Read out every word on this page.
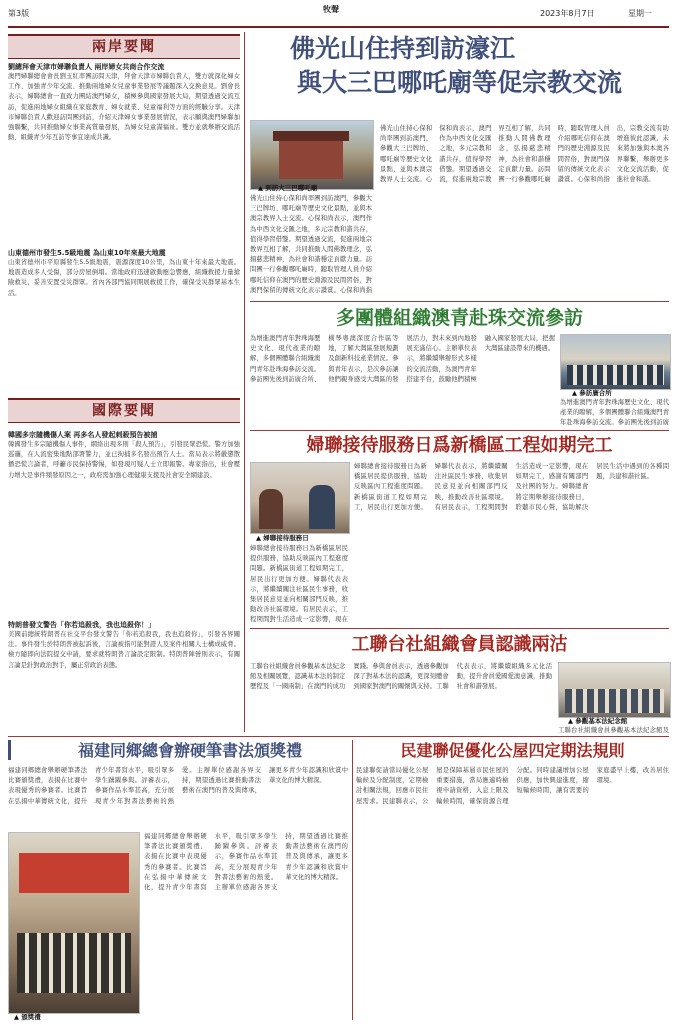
第3版	牧聲	2023年8月7日	星期一
兩岸要聞
劉總拜會天津市婦聯負責人 兩岸婦女共商合作交流
澳門婦聯總會會長劉玉紅率團訪問天津，拜會天津市婦聯負責人，雙方就深化婦女工作、加強青少年交流、推動兩地婦女兒童事業發展等議題深入交換意見。劉會長表示，婦聯總會一直致力團結澳門婦女，積極參與國家發展大局，期望透過交流互訪，促進兩地婦女組織在家庭教育、婦女就業、兒童福利等方面的經驗分享。天津市婦聯負責人歡迎訪問團到訪，介紹天津婦女事業發展情況，表示願與澳門婦聯加強聯繫，共同推動婦女事業高質量發展，為婦女兒童謀福祉。雙方並就舉辦交流活動、組織青少年互訪等事宜達成共識。
山東德州市發生5.5級地震 為山東10年來最大地震
山東省德州市平原縣發生5.5級地震，震源深度10公里，為山東十年來最大地震。地震造成多人受傷，部分房屋倒塌。當地政府迅速啟動應急響應，組織救援力量搶險救災，妥善安置受災群眾。省內各部門協同開展救援工作，確保受災群眾基本生活。
國際要聞
韓國多宗隨機傷人案 再多名人發起刺殺預告被捕
韓國發生多宗隨機傷人事件，網絡出現多則「殺人預告」，引發民眾恐慌。警方加強巡邏，在人流密集地點部署警力，並已拘捕多名發出預告人士。當局表示將嚴懲散播恐慌言論者，呼籲市民保持警惕，如發現可疑人士立即報警。專家指出，社會壓力增大是事件頻發原因之一，政府需加強心理健康支援及社會安全網建設。
特朗普發文警告「你若追殺我，我也追殺你！」
美國前總統特朗普在社交平台發文警告「你若追殺我，我也追殺你」，引發各界關注。事件發生於特朗普被起訴後，言論被指可能對證人及案件相關人士構成威脅。檢方隨即向法院提交申請，要求就特朗普言論設定限制。特朗普陣營則表示，有關言論是針對政治對手，屬正常政治表態。
佛光山住持到訪濠江
與大三巴哪吒廟等促宗教交流
▲ 到訪大三巴哪吒廟
佛光山住持心保和尚率團到訪澳門，參觀大三巴牌坊、哪吒廟等歷史文化景點，並與本澳宗教界人士交流。心保和尚表示，澳門作為中西文化交匯之地，多元宗教和諧共存，值得學習借鑒。期望透過交流，促進兩地宗教界互相了解，共同推動人間佛教理念，弘揚慈悲精神，為社會和諧穩定貢獻力量。訪問團一行參觀哪吒廟時，聽取管理人員介紹哪吒信仰在澳門的歷史淵源及民間習俗，對澳門保留的傳統文化表示讚賞。心保和尚指
佛光山住持心保和尚率團到訪澳門，參觀大三巴牌坊、哪吒廟等歷史文化景點，並與本澳宗教界人士交流。心保和尚表示，澳門作為中西文化交匯之地，多元宗教和諧共存，值得學習借鑒。期望透過交流，促進兩地宗教界互相了解，共同推動人間佛教理念，弘揚慈悲精神，為社會和諧穩定貢獻力量。訪問團一行參觀哪吒廟時，聽取管理人員介紹哪吒信仰在澳門的歷史淵源及民間習俗，對澳門保留的傳統文化表示讚賞。心保和尚指出，宗教交流有助增進彼此認識，未來將加強與本澳各界聯繫，舉辦更多文化交流活動，促進社會和諧。
多團體組織澳青赴珠交流參訪
為增進澳門青年對珠海歷史文化、現代產業的瞭解，多個團體聯合組織澳門青年赴珠海參訪交流。參訪團先後到訪廣合所、橫琴粵澳深度合作區等地，了解大灣區發展規劃及創新科技產業情況。參與青年表示，是次參訪讓他們親身感受大灣區的發展活力，對未來到內地發展充滿信心。主辦單位表示，將繼續舉辦形式多樣的交流活動，為澳門青年搭建平台，鼓勵他們積極融入國家發展大局，把握大灣區建設帶來的機遇。
▲ 參訪廣合所
為增進澳門青年對珠海歷史文化、現代產業的瞭解，多個團體聯合組織澳門青年赴珠海參訪交流。參訪團先後到訪廣
婦聯接待服務日爲新橋區工程如期完工
▲ 婦聯接待服務日
婦聯總會接待服務日為新橋區居民提供服務，協助反映區內工程進度問題。新橋區街道工程如期完工，居民出行更加方便。婦聯代表表示，將繼續關注社區民生事務，收集居民意見並向相關部門反映，推動改善社區環境。有居民表示，工程期間對生活造成一定影響，現在
婦聯總會接待服務日為新橋區居民提供服務，協助反映區內工程進度問題。新橋區街道工程如期完工，居民出行更加方便。婦聯代表表示，將繼續關注社區民生事務，收集居民意見並向相關部門反映，推動改善社區環境。有居民表示，工程期間對生活造成一定影響，現在如期完工，感謝有關部門及社團的努力。婦聯總會將定期舉辦接待服務日，聆聽市民心聲，協助解決居民生活中遇到的各種問題，共建和諧社區。
工聯台社組織會員認識兩沽
工聯台社組織會員參觀基本法紀念館及相關展覽，認識基本法的制定歷程及「一國兩制」在澳門的成功實踐。參與會員表示，透過參觀加深了對基本法的認識，更深刻體會到國家對澳門的關懷與支持。工聯代表表示，將繼續組織多元化活動，提升會員愛國愛澳意識，推動社會和諧發展。
▲ 參觀基本法紀念館
工聯台社組織會員參觀基本法紀念館及
福建同鄉總會辦硬筆書法頒獎禮
福建同鄉總會舉辦硬筆書法比賽頒獎禮，表揚在比賽中表現優秀的參賽者。比賽旨在弘揚中華傳統文化，提升青少年書寫水平，吸引眾多學生踴躍參與。評審表示，參賽作品水準甚高，充分展現青少年對書法藝術的熱愛。主辦單位感謝各界支持，期望透過比賽推動書法藝術在澳門的普及與傳承，讓更多青少年認識和欣賞中華文化的博大精深。
▲ 頒獎禮
福建同鄉總會舉辦硬筆書法比賽頒獎禮，表揚在比賽中表現優秀的參賽者。比賽旨在弘揚中華傳統文化，提升青少年書寫水平，吸引眾多學生踴躍參與。評審表示，參賽作品水準甚高，充分展現青少年對書法藝術的熱愛。主辦單位感謝各界支持，期望透過比賽推動書法藝術在澳門的普及與傳承，讓更多青少年認識和欣賞中華文化的博大精深。
民建聯促優化公屋四定期法規則
民建聯促請當局優化公屋輪候及分配制度，定期檢討相關法規，回應市民住屋需求。民建聯表示，公屋是保障基層市民住屋的重要措施，當局應適時檢視申請資格、入息上限及輪候時間，確保資源合理分配。同時建議增加公屋供應，加快興建進度，縮短輪候時間，讓有需要的家庭盡早上樓，改善居住環境。
